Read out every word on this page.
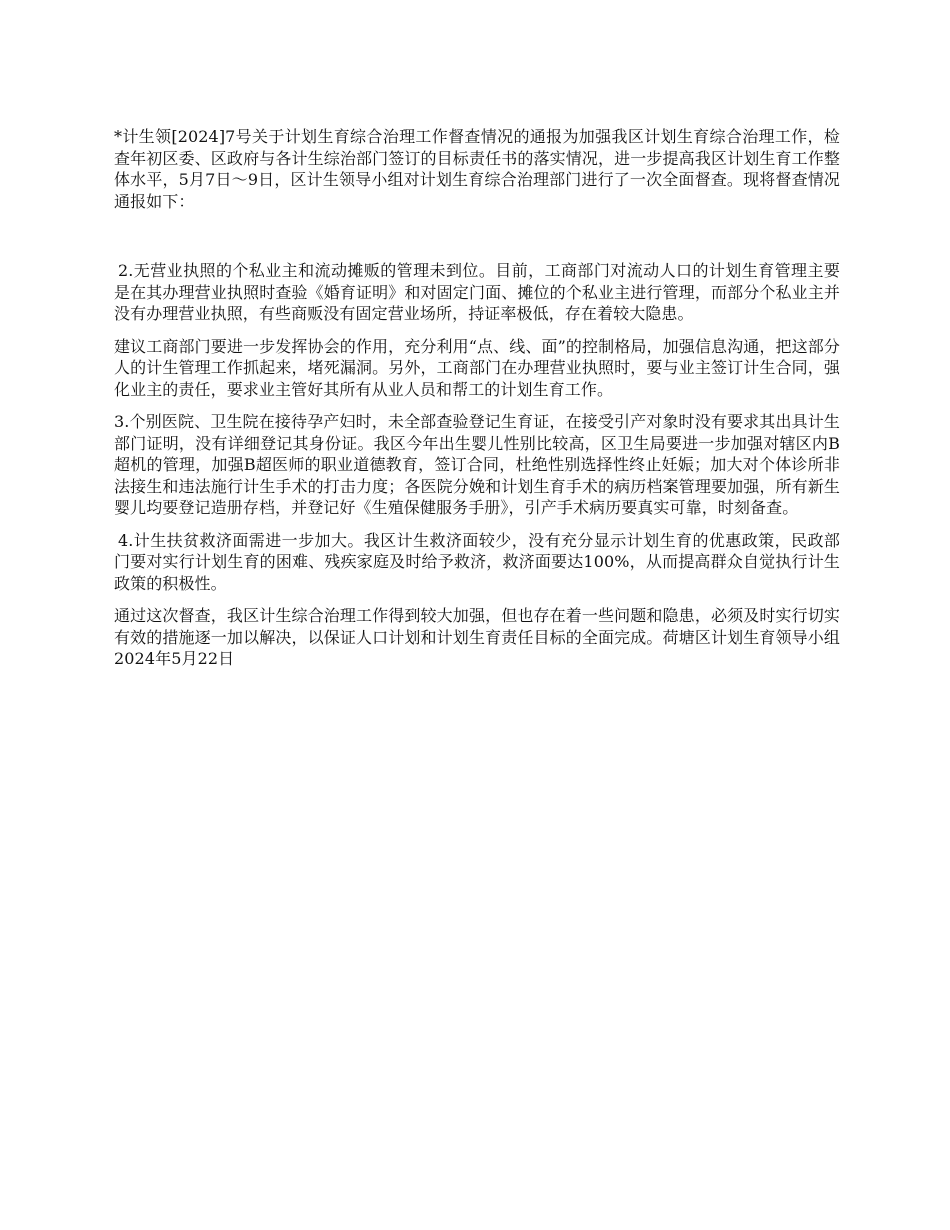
*计生领[2024]7号关于计划生育综合治理工作督查情况的通报为加强我区计划生育综合治理工作，检查年初区委、区政府与各计生综治部门签订的目标责任书的落实情况，进一步提高我区计划生育工作整体水平，5月7日～9日，区计生领导小组对计划生育综合治理部门进行了一次全面督查。现将督查情况通报如下：

2.无营业执照的个私业主和流动摊贩的管理未到位。目前，工商部门对流动人口的计划生育管理主要是在其办理营业执照时查验《婚育证明》和对固定门面、摊位的个私业主进行管理，而部分个私业主并没有办理营业执照，有些商贩没有固定营业场所，持证率极低，存在着较大隐患。

建议工商部门要进一步发挥协会的作用，充分利用“点、线、面”的控制格局，加强信息沟通，把这部分人的计生管理工作抓起来，堵死漏洞。另外，工商部门在办理营业执照时，要与业主签订计生合同，强化业主的责任，要求业主管好其所有从业人员和帮工的计划生育工作。

3.个别医院、卫生院在接待孕产妇时，未全部查验登记生育证，在接受引产对象时没有要求其出具计生部门证明，没有详细登记其身份证。我区今年出生婴儿性别比较高，区卫生局要进一步加强对辖区内B超机的管理，加强B超医师的职业道德教育，签订合同，杜绝性别选择性终止妊娠；加大对个体诊所非法接生和违法施行计生手术的打击力度；各医院分娩和计划生育手术的病历档案管理要加强，所有新生婴儿均要登记造册存档，并登记好《生殖保健服务手册》，引产手术病历要真实可靠，时刻备查。

4.计生扶贫救济面需进一步加大。我区计生救济面较少，没有充分显示计划生育的优惠政策，民政部门要对实行计划生育的困难、残疾家庭及时给予救济，救济面要达100%，从而提高群众自觉执行计生政策的积极性。

通过这次督查，我区计生综合治理工作得到较大加强，但也存在着一些问题和隐患，必须及时实行切实有效的措施逐一加以解决，以保证人口计划和计划生育责任目标的全面完成。荷塘区计划生育领导小组2024年5月22日
